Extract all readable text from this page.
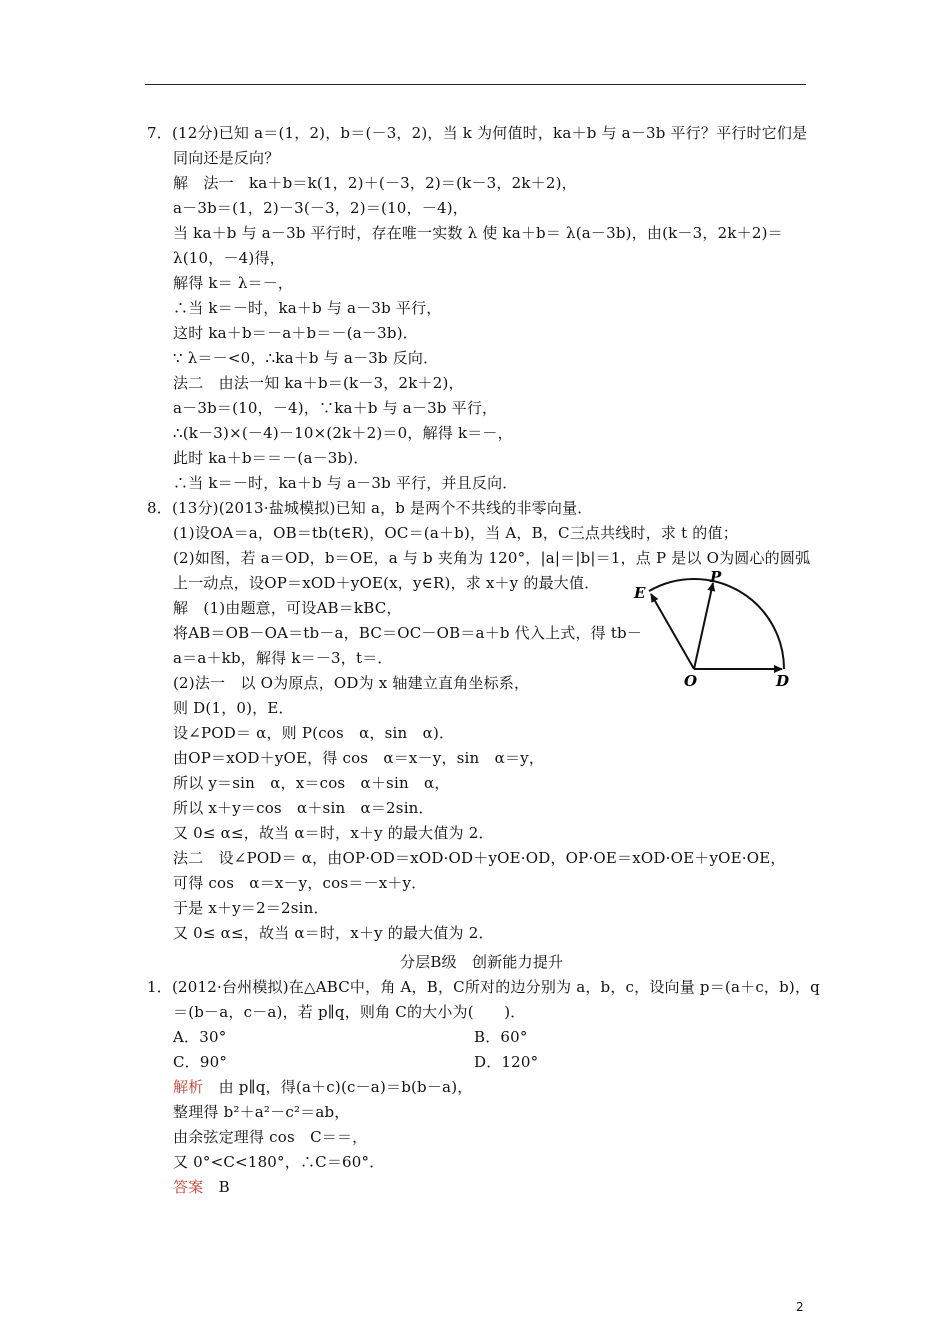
7．(12分)已知 a＝(1，2)，b＝(－3，2)，当 k 为何值时，ka＋b 与 a－3b 平行？平行时它们是
同向还是反向？
解　法一　ka＋b＝k(1，2)＋(－3，2)＝(k－3，2k＋2)，
a－3b＝(1，2)－3(－3，2)＝(10，－4)，
当 ka＋b 与 a－3b 平行时，存在唯一实数 λ 使 ka＋b＝ λ(a－3b)，由(k－3，2k＋2)＝
λ(10，－4)得，
解得 k＝ λ＝－，
∴当 k＝－时，ka＋b 与 a－3b 平行，
这时 ka＋b＝－a＋b＝－(a－3b)．
∵ λ＝－<0，∴ka＋b 与 a－3b 反向．
法二　由法一知 ka＋b＝(k－3，2k＋2)，
a－3b＝(10，－4)，∵ka＋b 与 a－3b 平行，
∴(k－3)×(－4)－10×(2k＋2)＝0，解得 k＝－，
此时 ka＋b＝＝－(a－3b)．
∴当 k＝－时，ka＋b 与 a－3b 平行，并且反向．
8．(13分)(2013·盐城模拟)已知 a，b 是两个不共线的非零向量．
(1)设OA＝a，OB＝tb(t∈R)，OC＝(a＋b)，当 A，B，C三点共线时，求 t 的值；
(2)如图，若 a＝OD，b＝OE，a 与 b 夹角为 120°，|a|＝|b|＝1，点 P 是以 O为圆心的圆弧
上一动点，设OP＝xOD＋yOE(x，y∈R)，求 x＋y 的最大值．
解　(1)由题意，可设AB＝kBC，
将AB＝OB－OA＝tb－a，BC＝OC－OB＝a＋b 代入上式，得 tb－
a＝a＋kb，解得 k＝－3，t＝．
(2)法一　以 O为原点，OD为 x 轴建立直角坐标系，
则 D(1，0)，E．
设∠POD＝ α，则 P(cos　α，sin　α)．
由OP＝xOD＋yOE，得 cos　α＝x－y，sin　α＝y，
所以 y＝sin　α，x＝cos　α＋sin　α，
所以 x＋y＝cos　α＋sin　α＝2sin．
又 0≤ α≤，故当 α＝时，x＋y 的最大值为 2．
法二　设∠POD＝ α，由OP·OD＝xOD·OD＋yOE·OD，OP·OE＝xOD·OE＋yOE·OE，
可得 cos　α＝x－y，cos＝－x＋y．
于是 x＋y＝2＝2sin．
又 0≤ α≤，故当 α＝时，x＋y 的最大值为 2．
E
P
O	D
分层B级　创新能力提升
1．(2012·台州模拟)在△ABC中，角 A，B，C所对的边分别为 a，b，c，设向量 p＝(a＋c，b)，q
＝(b－a，c－a)，若 p∥q，则角 C的大小为(　　)．
A．30°	B．60°
C．90°	D．120°
解析　由 p∥q，得(a＋c)(c－a)＝b(b－a)，
整理得 b²＋a²－c²＝ab，
由余弦定理得 cos　C＝＝，
又 0°<C<180°，∴C＝60°．
答案　B
2
